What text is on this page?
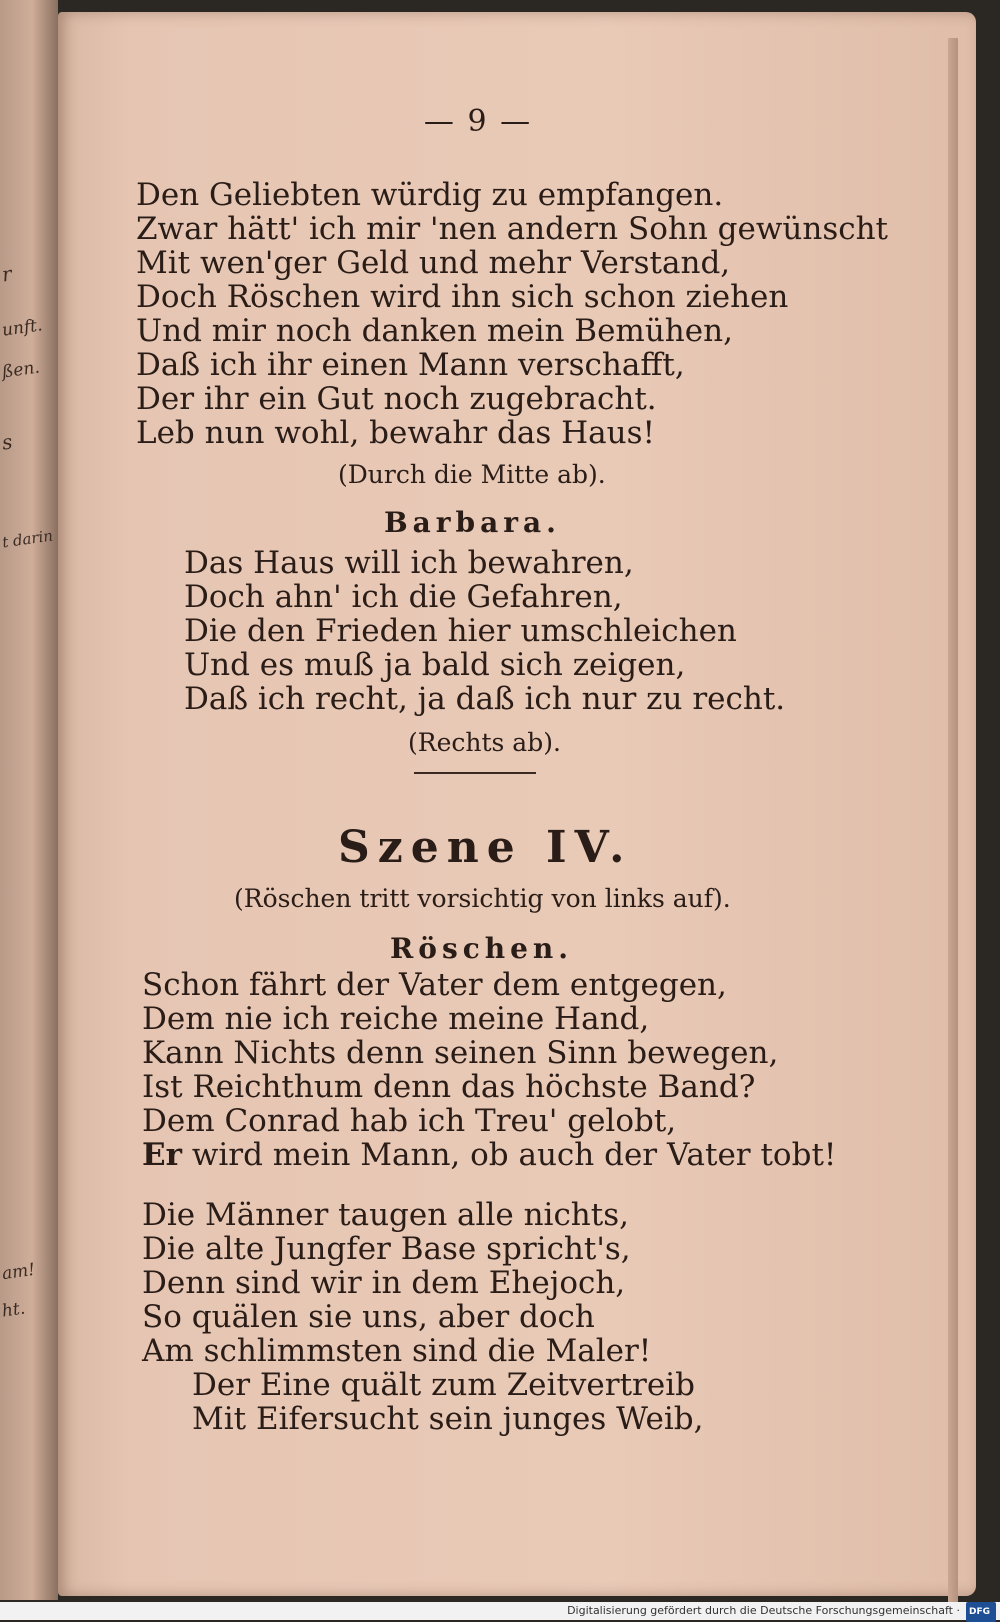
r
unft.
ßen.
s
t darin
am!
ht.
— 9 —
Den Geliebten würdig zu empfangen.
Zwar hätt' ich mir 'nen andern Sohn gewünscht
Mit wen'ger Geld und mehr Verstand,
Doch Röschen wird ihn sich schon ziehen
Und mir noch danken mein Bemühen,
Daß ich ihr einen Mann verschafft,
Der ihr ein Gut noch zugebracht.
Leb nun wohl, bewahr das Haus!
(Durch die Mitte ab).
Barbara.
Das Haus will ich bewahren,
Doch ahn' ich die Gefahren,
Die den Frieden hier umschleichen
Und es muß ja bald sich zeigen,
Daß ich recht, ja daß ich nur zu recht.
(Rechts ab).
Szene IV.
(Röschen tritt vorsichtig von links auf).
Röschen.
Schon fährt der Vater dem entgegen,
Dem nie ich reiche meine Hand,
Kann Nichts denn seinen Sinn bewegen,
Ist Reichthum denn das höchste Band?
Dem Conrad hab ich Treu' gelobt,
Er wird mein Mann, ob auch der Vater tobt!
Die Männer taugen alle nichts,
Die alte Jungfer Base spricht's,
Denn sind wir in dem Ehejoch,
So quälen sie uns, aber doch
Am schlimmsten sind die Maler!
Der Eine quält zum Zeitvertreib
Mit Eifersucht sein junges Weib,
Digitalisierung gefördert durch die Deutsche Forschungsgemeinschaft · DFG
